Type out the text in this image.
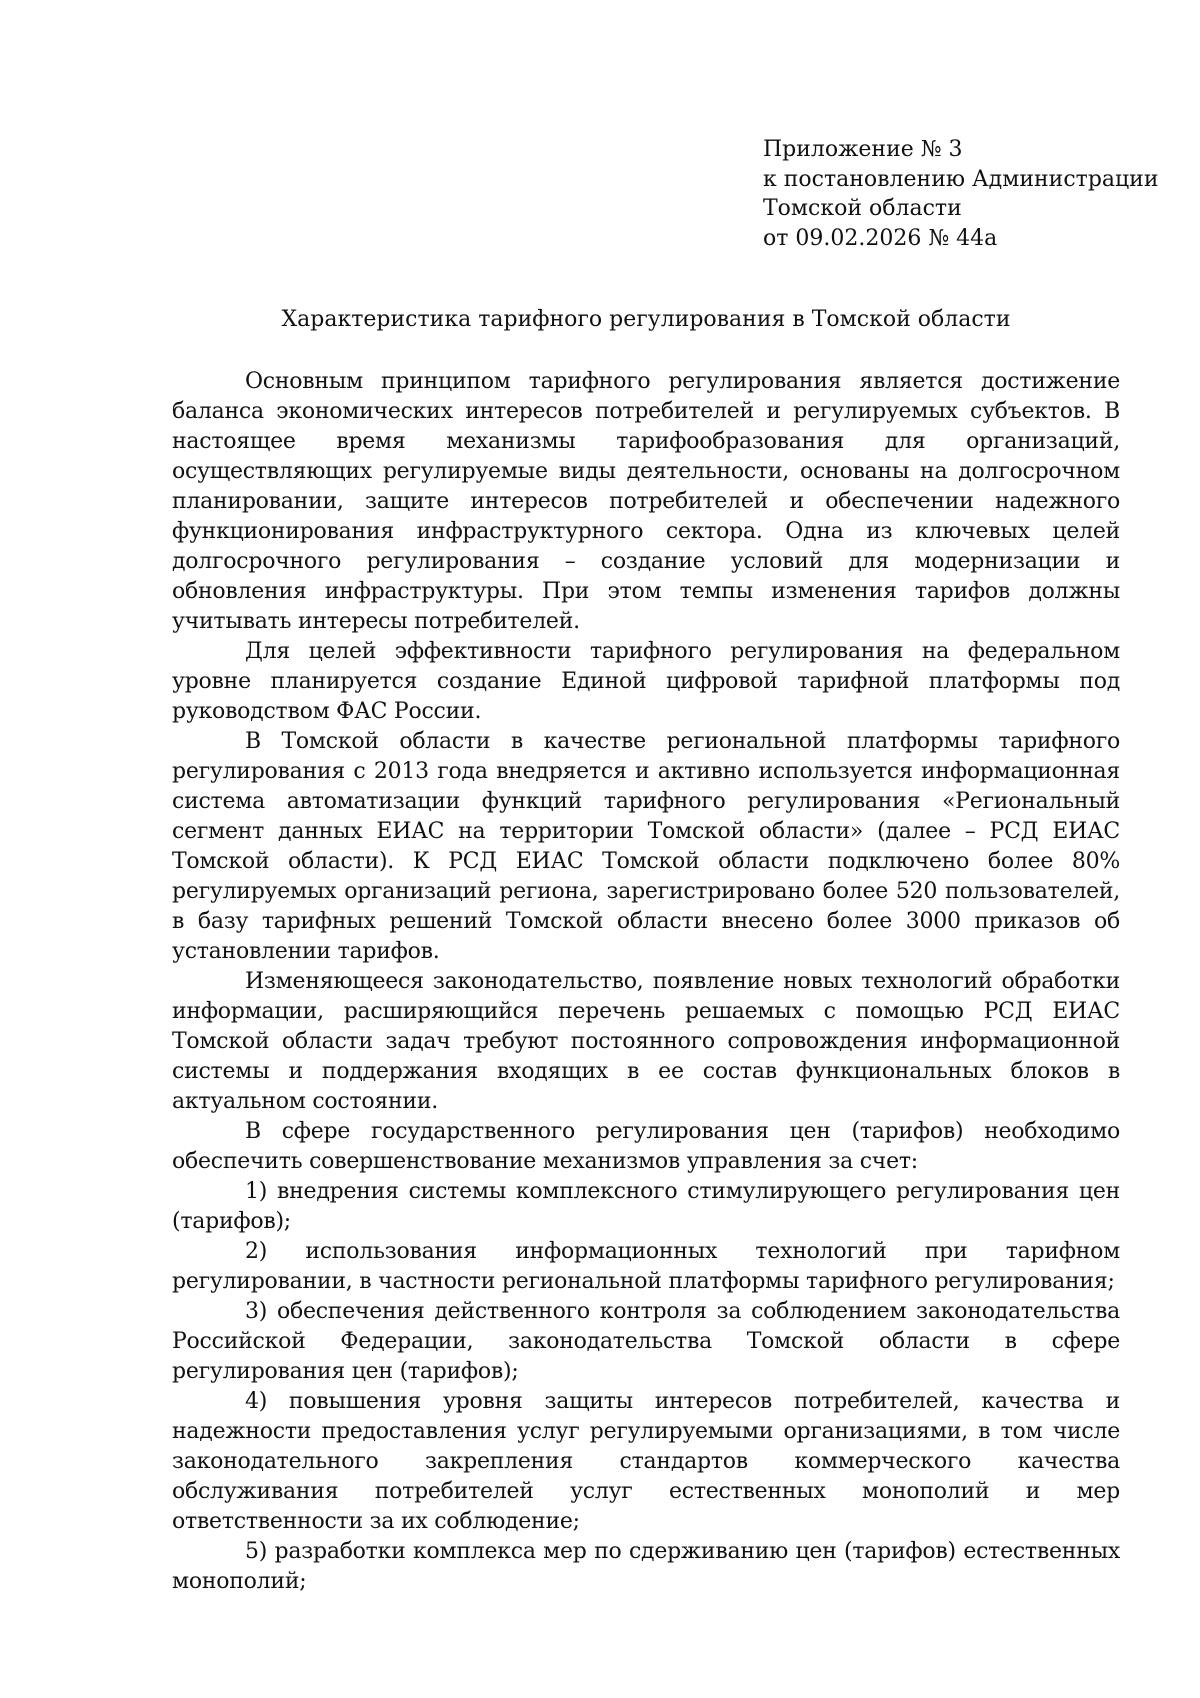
Приложение № 3
к постановлению Администрации
Томской области
от 09.02.2026 № 44а
Характеристика тарифного регулирования в Томской области

Основным принципом тарифного регулирования является достижение баланса экономических интересов потребителей и регулируемых субъектов. В настоящее время механизмы тарифообразования для организаций, осуществляющих регулируемые виды деятельности, основаны на долгосрочном планировании, защите интересов потребителей и обеспечении надежного функционирования инфраструктурного сектора. Одна из ключевых целей долгосрочного регулирования – создание условий для модернизации и обновления инфраструктуры. При этом темпы изменения тарифов должны учитывать интересы потребителей.

Для целей эффективности тарифного регулирования на федеральном уровне планируется создание Единой цифровой тарифной платформы под руководством ФАС России.

В Томской области в качестве региональной платформы тарифного регулирования с 2013 года внедряется и активно используется информационная система автоматизации функций тарифного регулирования «Региональный сегмент данных ЕИАС на территории Томской области» (далее – РСД ЕИАС Томской области). К РСД ЕИАС Томской области подключено более 80% регулируемых организаций региона, зарегистрировано более 520 пользователей, в базу тарифных решений Томской области внесено более 3000 приказов об установлении тарифов.

Изменяющееся законодательство, появление новых технологий обработки информации, расширяющийся перечень решаемых с помощью РСД ЕИАС Томской области задач требуют постоянного сопровождения информационной системы и поддержания входящих в ее состав функциональных блоков в актуальном состоянии.

В сфере государственного регулирования цен (тарифов) необходимо обеспечить совершенствование механизмов управления за счет:

1) внедрения системы комплексного стимулирующего регулирования цен (тарифов);

2) использования информационных технологий при тарифном регулировании, в частности региональной платформы тарифного регулирования;

3) обеспечения действенного контроля за соблюдением законодательства Российской Федерации, законодательства Томской области в сфере регулирования цен (тарифов);

4) повышения уровня защиты интересов потребителей, качества и надежности предоставления услуг регулируемыми организациями, в том числе законодательного закрепления стандартов коммерческого качества обслуживания потребителей услуг естественных монополий и мер ответственности за их соблюдение;

5) разработки комплекса мер по сдерживанию цен (тарифов) естественных монополий;
